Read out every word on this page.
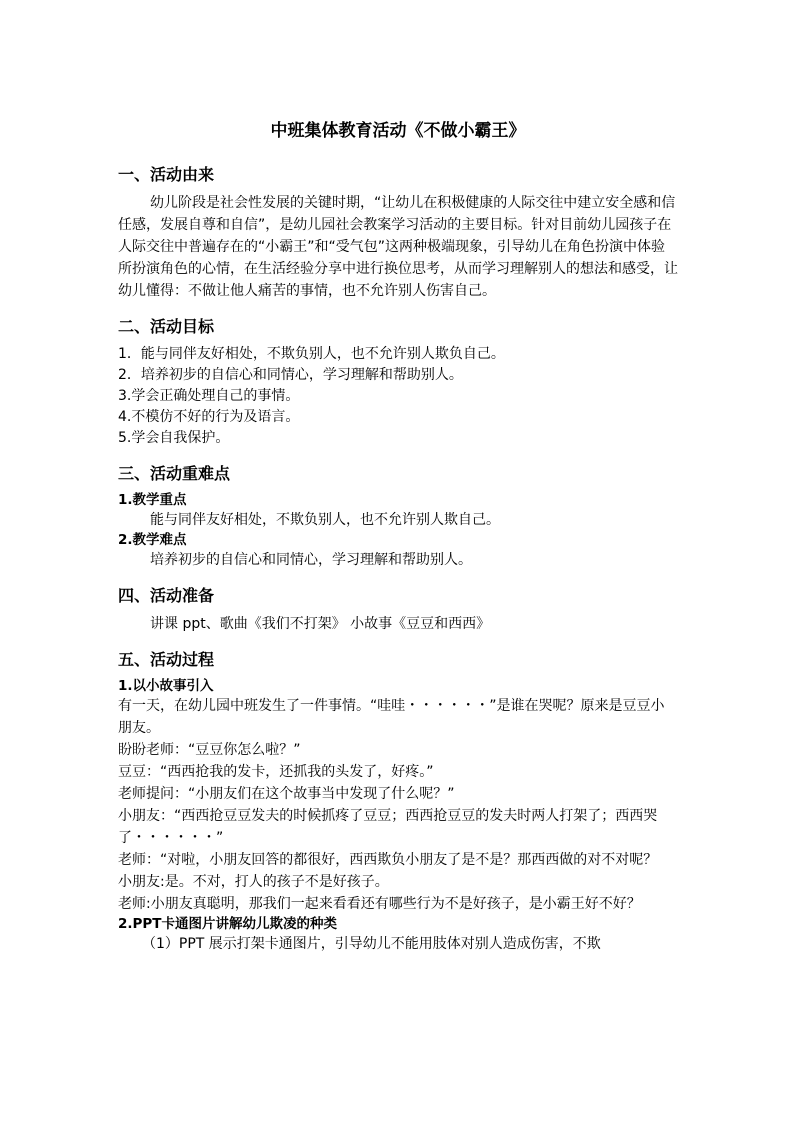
中班集体教育活动《不做小霸王》
一、活动由来

幼儿阶段是社会性发展的关键时期，“让幼儿在积极健康的人际交往中建立安全感和信任感，发展自尊和自信”，是幼儿园社会教案学习活动的主要目标。针对目前幼儿园孩子在人际交往中普遍存在的“小霸王”和“受气包”这两种极端现象，引导幼儿在角色扮演中体验所扮演角色的心情，在生活经验分享中进行换位思考，从而学习理解别人的想法和感受，让幼儿懂得：不做让他人痛苦的事情，也不允许别人伤害自己。

二、活动目标
1．能与同伴友好相处，不欺负别人，也不允许别人欺负自己。
2．培养初步的自信心和同情心，学习理解和帮助别人。
3.学会正确处理自己的事情。
4.不模仿不好的行为及语言。
5.学会自我保护。
三、活动重难点
1.教学重点

能与同伴友好相处，不欺负别人，也不允许别人欺自己。

2.教学难点

培养初步的自信心和同情心，学习理解和帮助别人。

四、活动准备

讲课 ppt、歌曲《我们不打架》 小故事《豆豆和西西》

五、活动过程
1.以小故事引入

有一天，在幼儿园中班发生了一件事情。“哇哇・・・・・・”是谁在哭呢？原来是豆豆小朋友。

盼盼老师：“豆豆你怎么啦？”

豆豆：“西西抢我的发卡，还抓我的头发了，好疼。”

老师提问：“小朋友们在这个故事当中发现了什么呢？”

小朋友：“西西抢豆豆发夫的时候抓疼了豆豆；西西抢豆豆的发夫时两人打架了；西西哭了・・・・・・”

老师：“对啦，小朋友回答的都很好，西西欺负小朋友了是不是？那西西做的对不对呢？

小朋友:是。不对，打人的孩子不是好孩子。

老师:小朋友真聪明，那我们一起来看看还有哪些行为不是好孩子，是小霸王好不好？

2.PPT卡通图片讲解幼儿欺凌的种类

（1）PPT 展示打架卡通图片，引导幼儿不能用肢体对别人造成伤害，不欺
